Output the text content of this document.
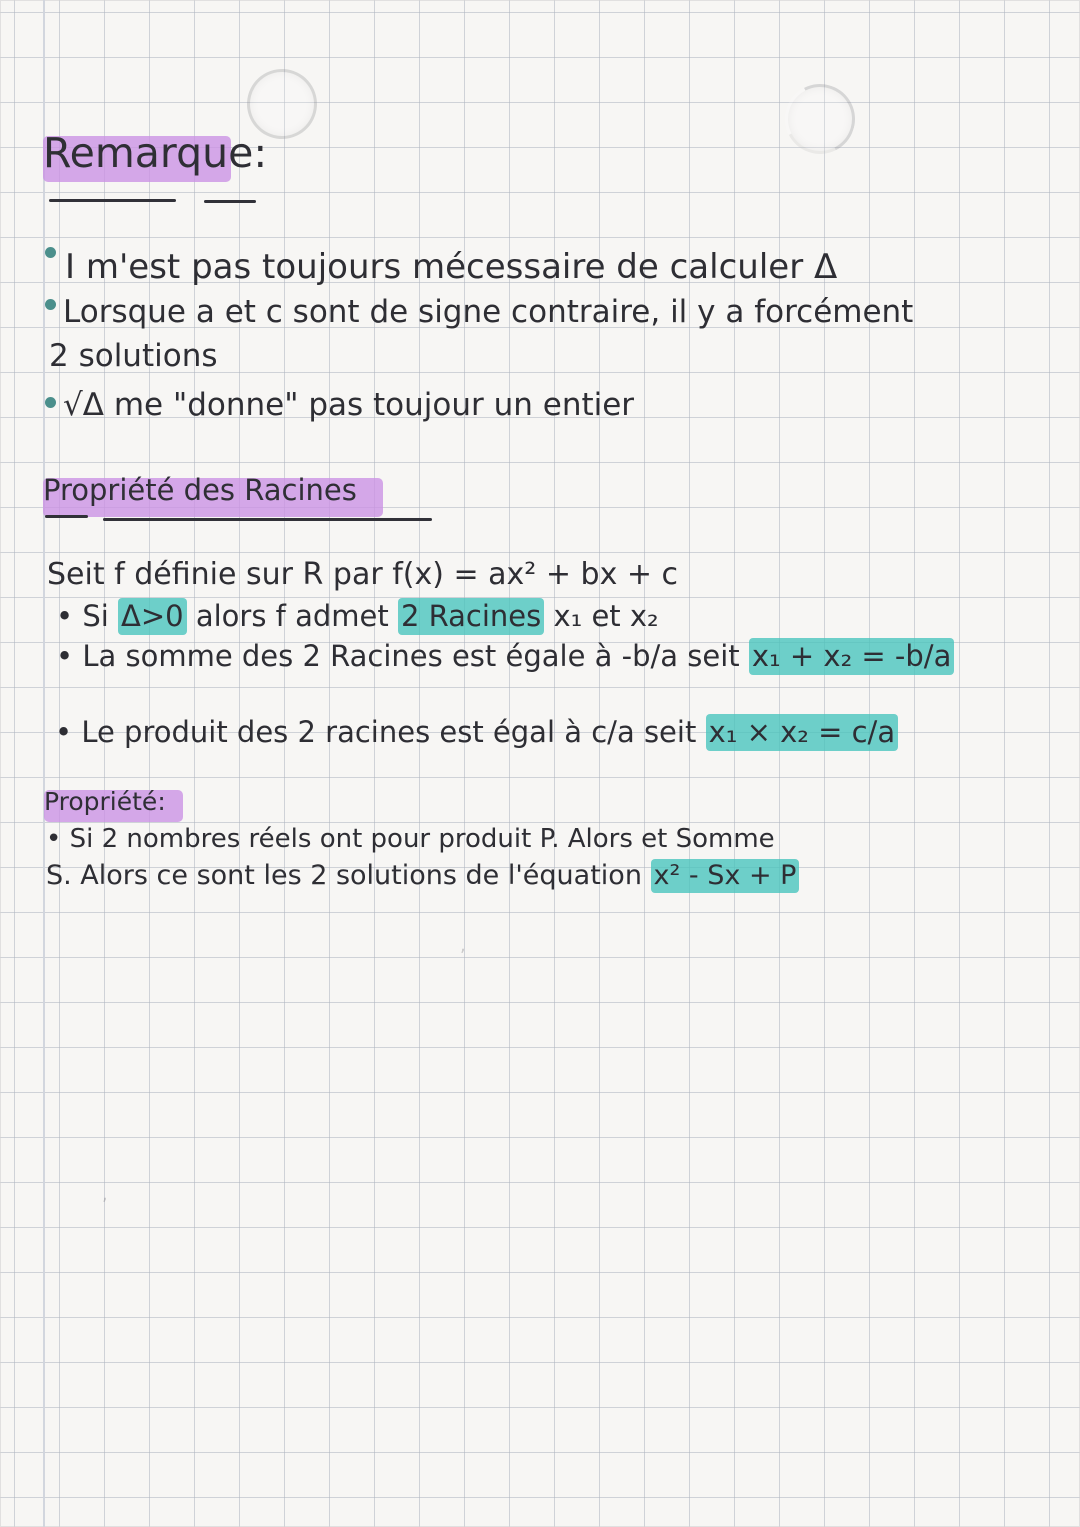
Remarque:

I m'est pas toujours mécessaire de calculer Δ

Lorsque a et c sont de signe contraire, il y a forcément

2 solutions

√Δ me "donne" pas toujour un entier

Propriété des Racines

Seit f définie sur R par f(x) = ax² + bx + c

• Si Δ>0 alors f admet 2 Racines x₁ et x₂

• La somme des 2 Racines est égale à -b/a seit x₁ + x₂ = -b/a

• Le produit des 2 racines est égal à c/a seit x₁ × x₂ = c/a

Propriété:

• Si 2 nombres réels ont pour produit P. Alors et Somme

S. Alors ce sont les 2 solutions de l'équation x² - Sx + P

,
,
